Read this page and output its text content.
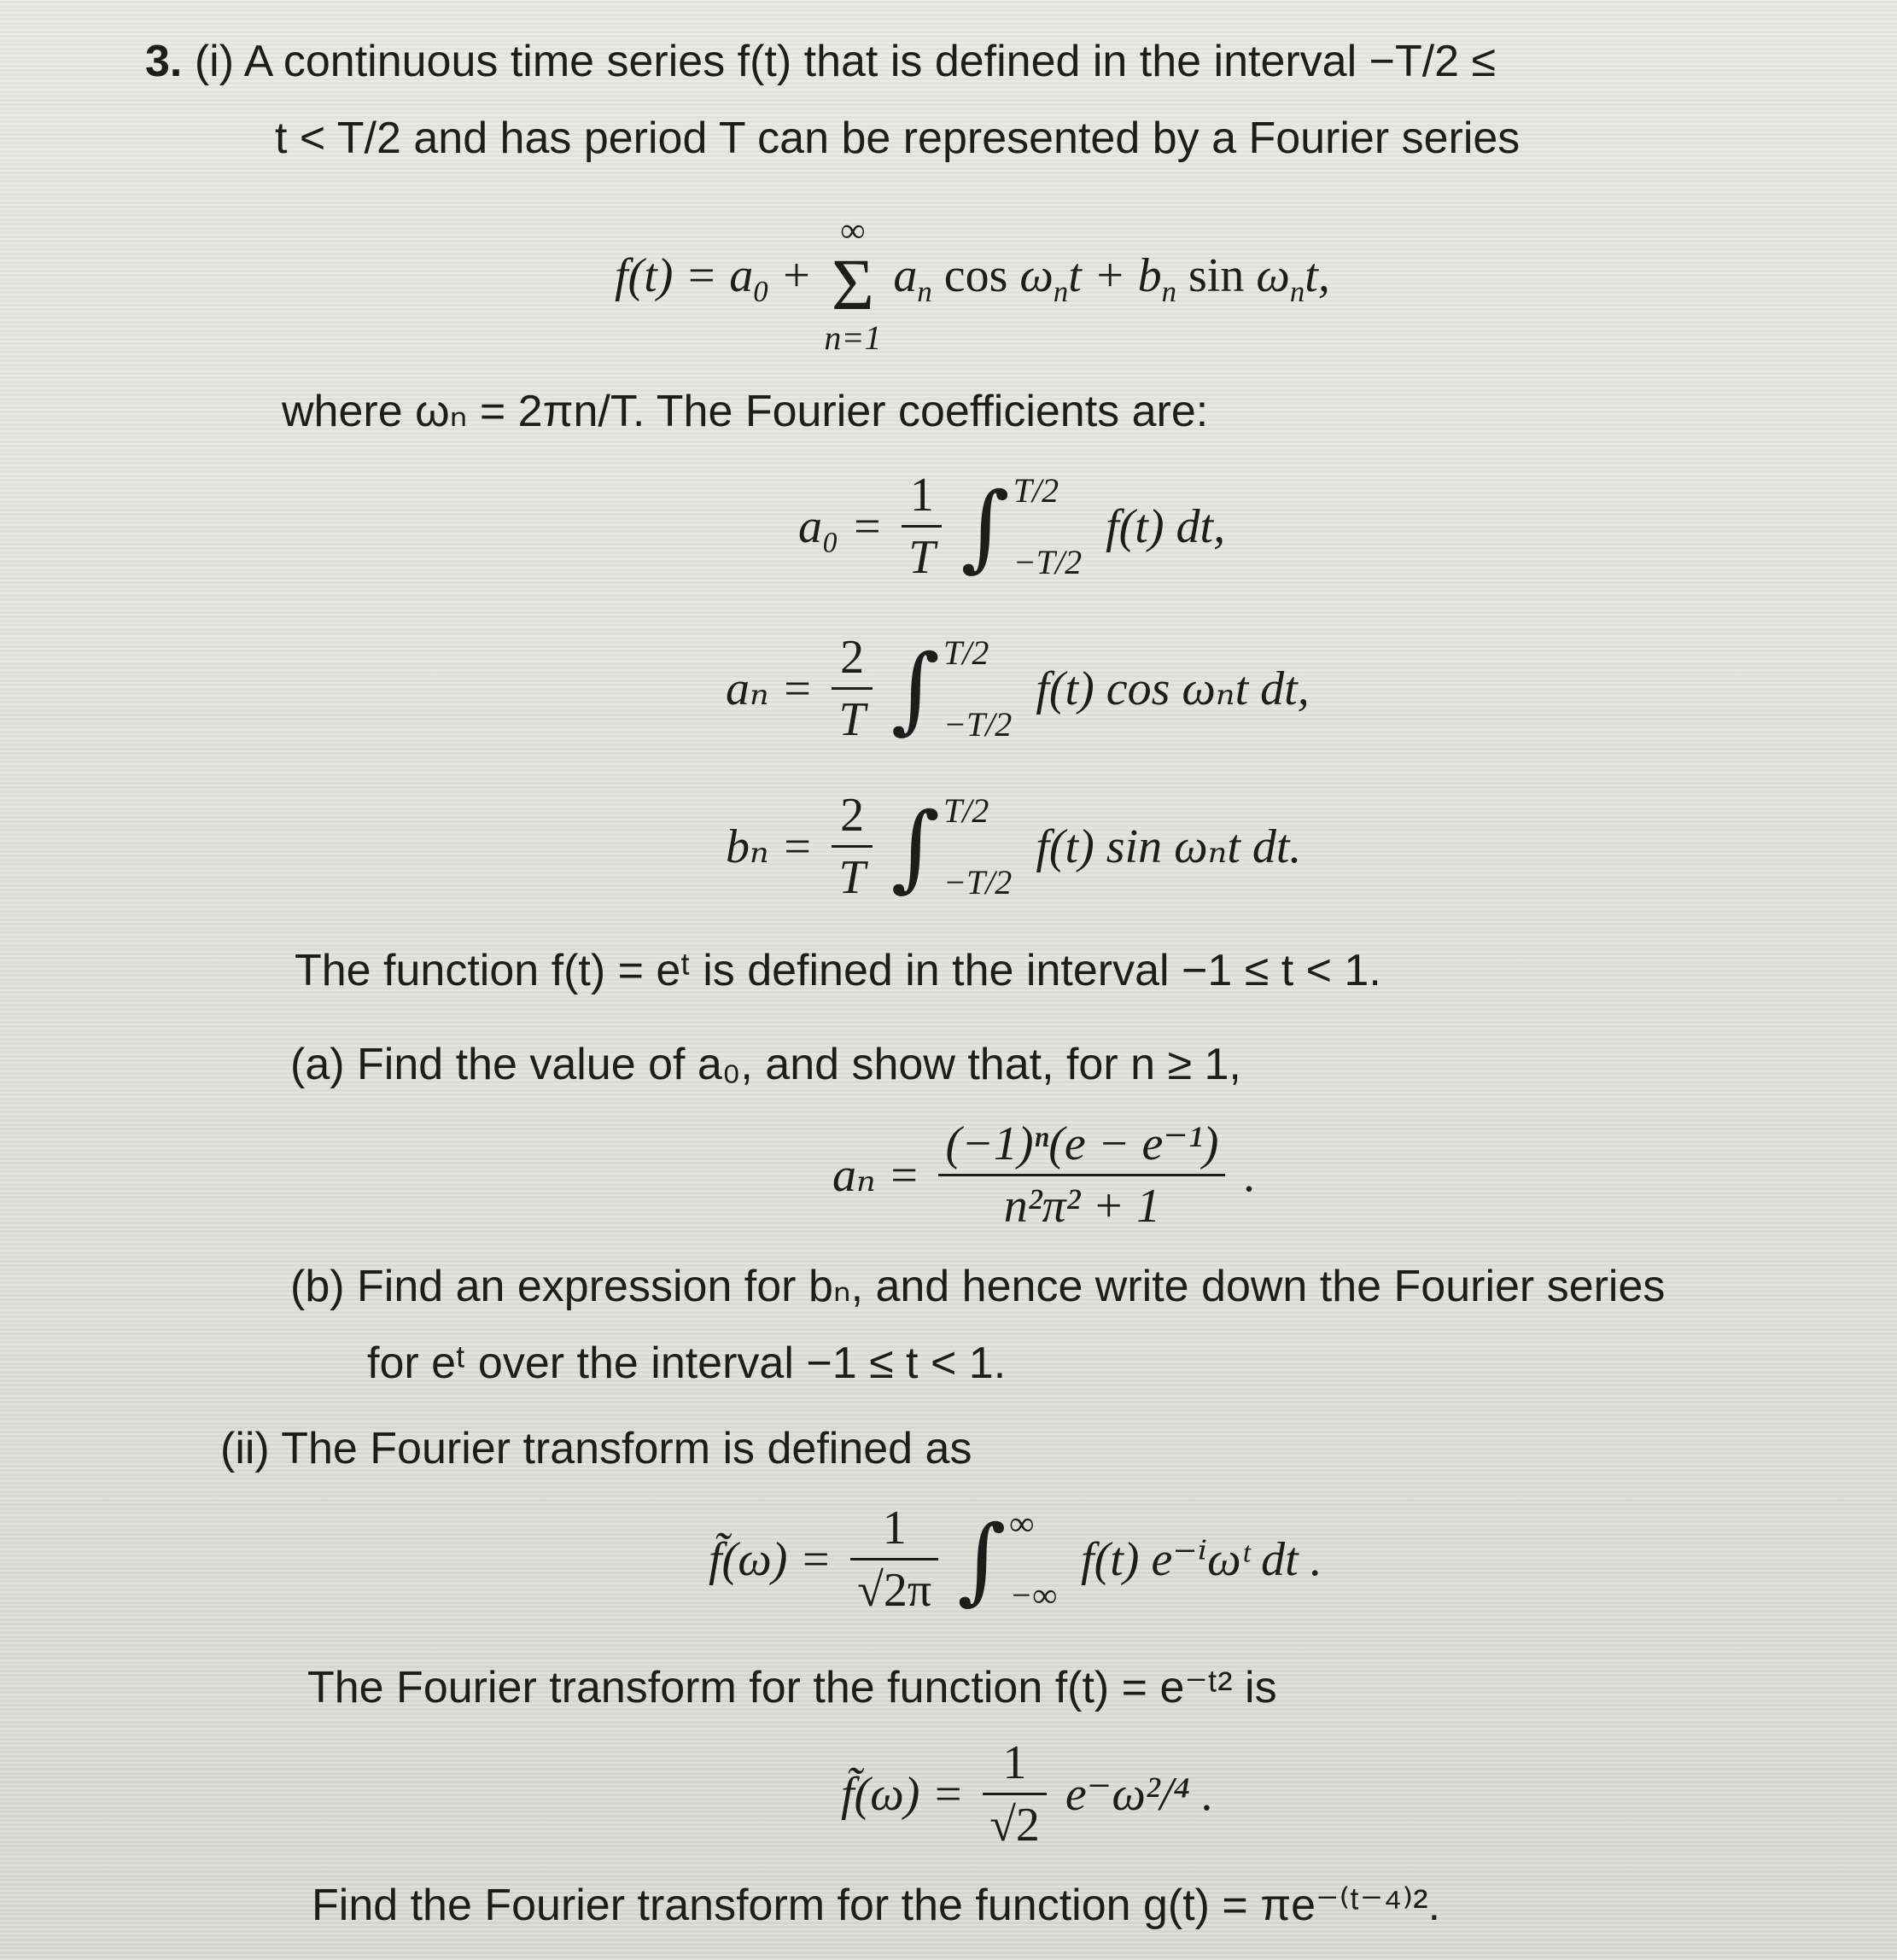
3. (i) A continuous time series f(t) that is defined in the interval −T/2 ≤
t < T/2 and has period T can be represented by a Fourier series
$f(t) = a_0$ +
∞
Σ
n=1
$a_n$ $\cos \omega_nt + b_n$ $\sin \omega_nt$,
where ωₙ = 2πn/T. The Fourier coefficients are:
$a_0 = \frac{1}{T}$ ∫ T/2
−T/2
f(t) dt,
$a_n = \frac{2}{T}$ ∫ T/2
−T/2
f(t) cos ωₙt dt,
$b_n = \frac{2}{T}$ ∫ T/2
−T/2
f(t) sin ωₙt dt.
The function f(t) = eᵗ is defined in the interval −1 ≤ t < 1.
(a) Find the value of a₀, and show that, for n ≥ 1,
$a_n = \frac{\text{(−1)ⁿ(e − e⁻¹)}}{\text{n²π² + 1}}$ .
(b) Find an expression for bₙ, and hence write down the Fourier series
for eᵗ over the interval −1 ≤ t < 1.
(ii) The Fourier transform is defined as
f̃(ω) = $\frac{1}{√2\pi}$ ∫ ∞
−∞
f(t) e⁻ⁱωᵗ dt .
The Fourier transform for the function f(t) = e⁻ᵗ² is
f̃(ω) = $\frac{1}{√2} e^-\omega^2/^4$ .
Find the Fourier transform for the function g(t) = πe⁻⁽ᵗ⁻⁴⁾².
